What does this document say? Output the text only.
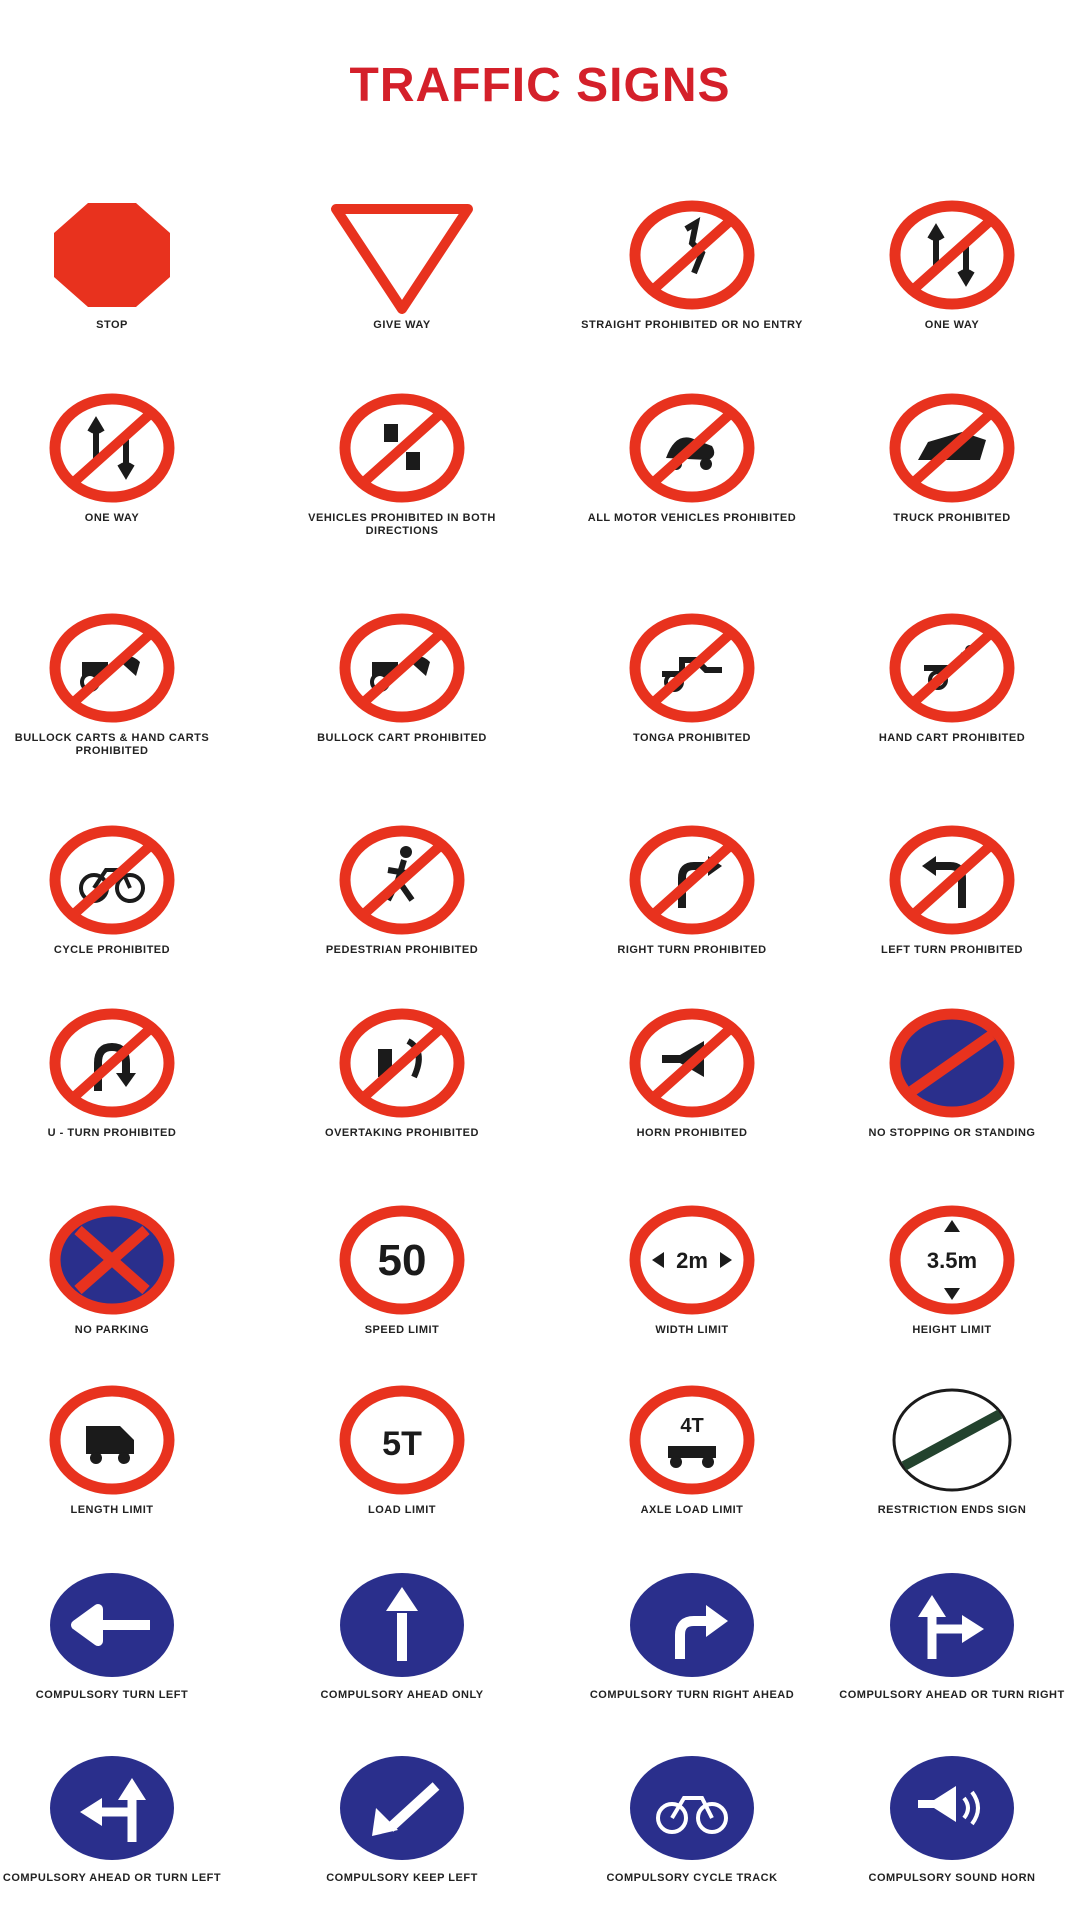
TRAFFIC SIGNS
STOP	GIVE WAY	STRAIGHT PROHIBITED OR NO ENTRY	ONE WAY
ONE WAY	VEHICLES PROHIBITED IN BOTH DIRECTIONS
ALL MOTOR VEHICLES PROHIBITED	TRUCK PROHIBITED
BULLOCK CARTS & HAND CARTS PROHIBITED
BULLOCK CART PROHIBITED	TONGA PROHIBITED	HAND CART PROHIBITED
CYCLE PROHIBITED	PEDESTRIAN PROHIBITED	RIGHT TURN PROHIBITED	LEFT TURN PROHIBITED
U - TURN PROHIBITED	OVERTAKING PROHIBITED	HORN PROHIBITED	NO STOPPING OR STANDING
NO PARKING
50
SPEED LIMIT
2m
WIDTH LIMIT
3.5m
HEIGHT LIMIT
LENGTH LIMIT
5T
LOAD LIMIT
4T
AXLE LOAD LIMIT	RESTRICTION ENDS SIGN
COMPULSORY TURN LEFT	COMPULSORY AHEAD ONLY	COMPULSORY TURN RIGHT AHEAD	COMPULSORY AHEAD OR TURN RIGHT
COMPULSORY AHEAD OR TURN LEFT	COMPULSORY KEEP LEFT	COMPULSORY CYCLE TRACK	COMPULSORY SOUND HORN
